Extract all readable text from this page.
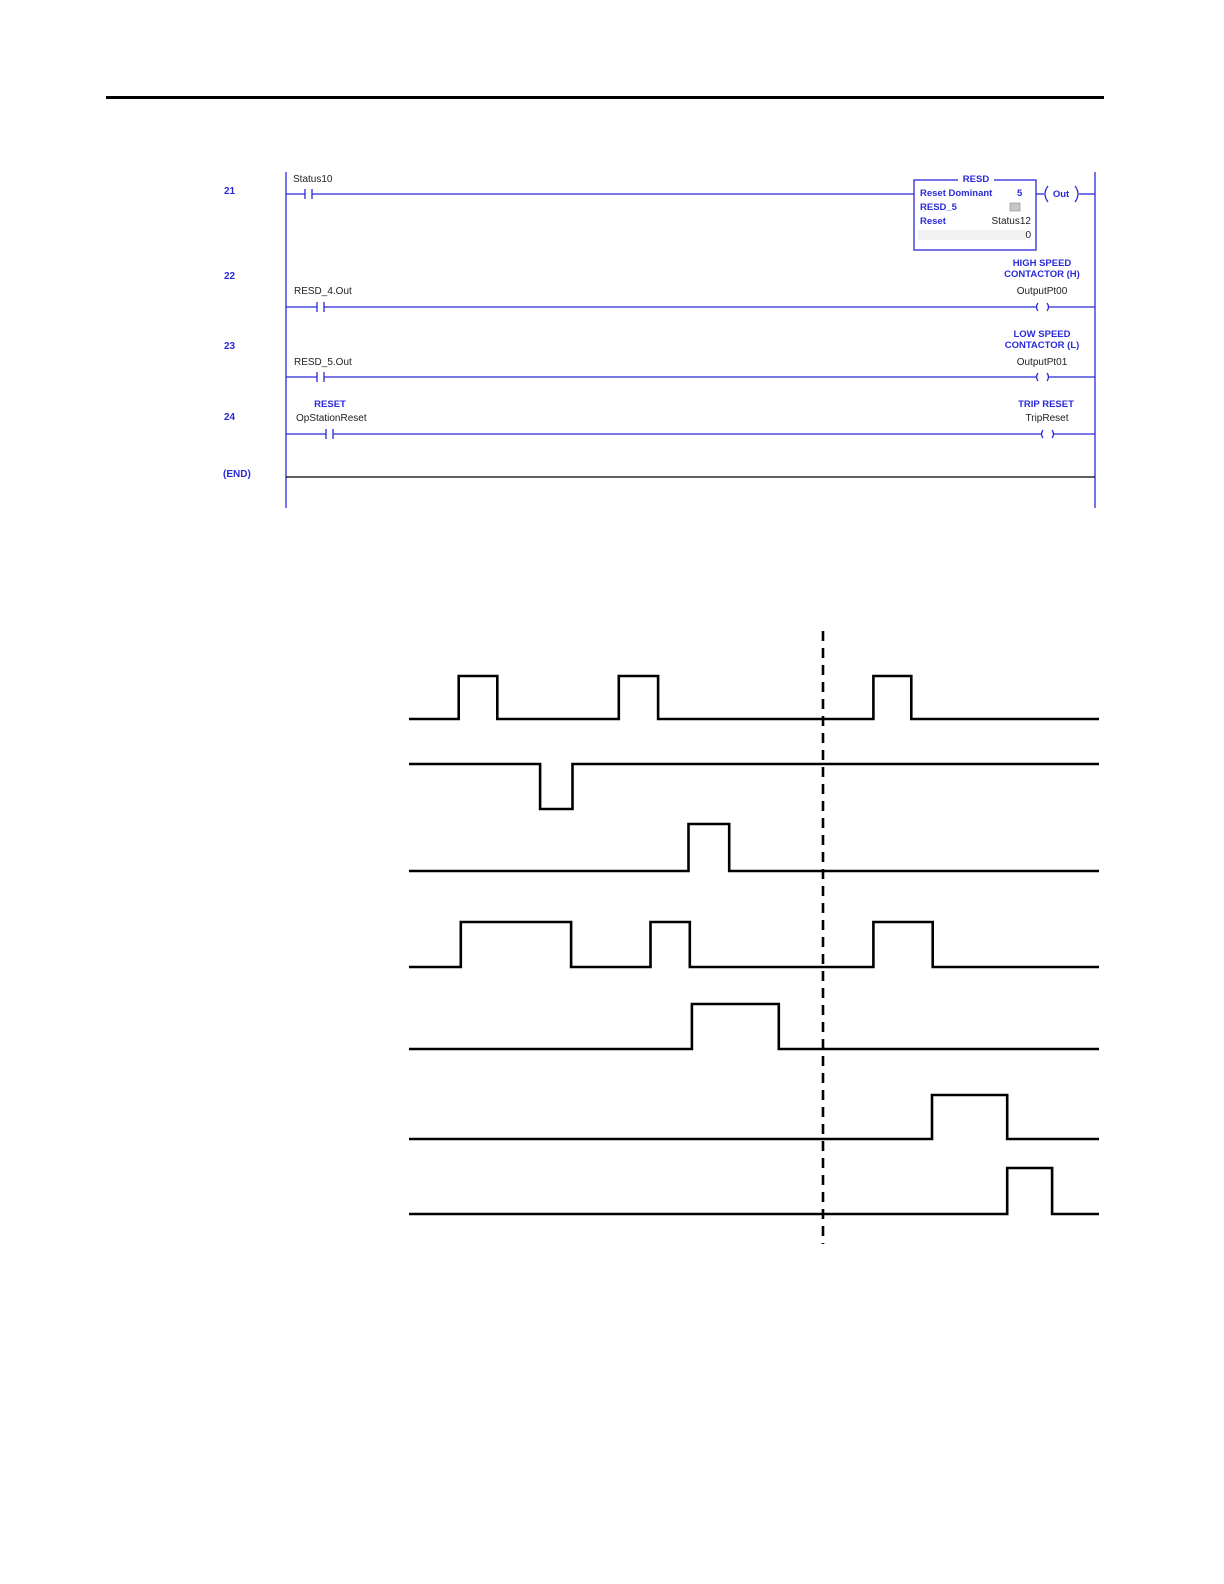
21
22
23
24
(END)
Status10	RESD
Reset Dominant	5
RESD_5
Reset	Status12
0
Out
HIGH SPEED
CONTACTOR (H)
OutputPt00
RESD_4.Out
LOW SPEED
CONTACTOR (L)
OutputPt01
RESD_5.Out
RESET
OpStationReset
TRIP RESET
TripReset
